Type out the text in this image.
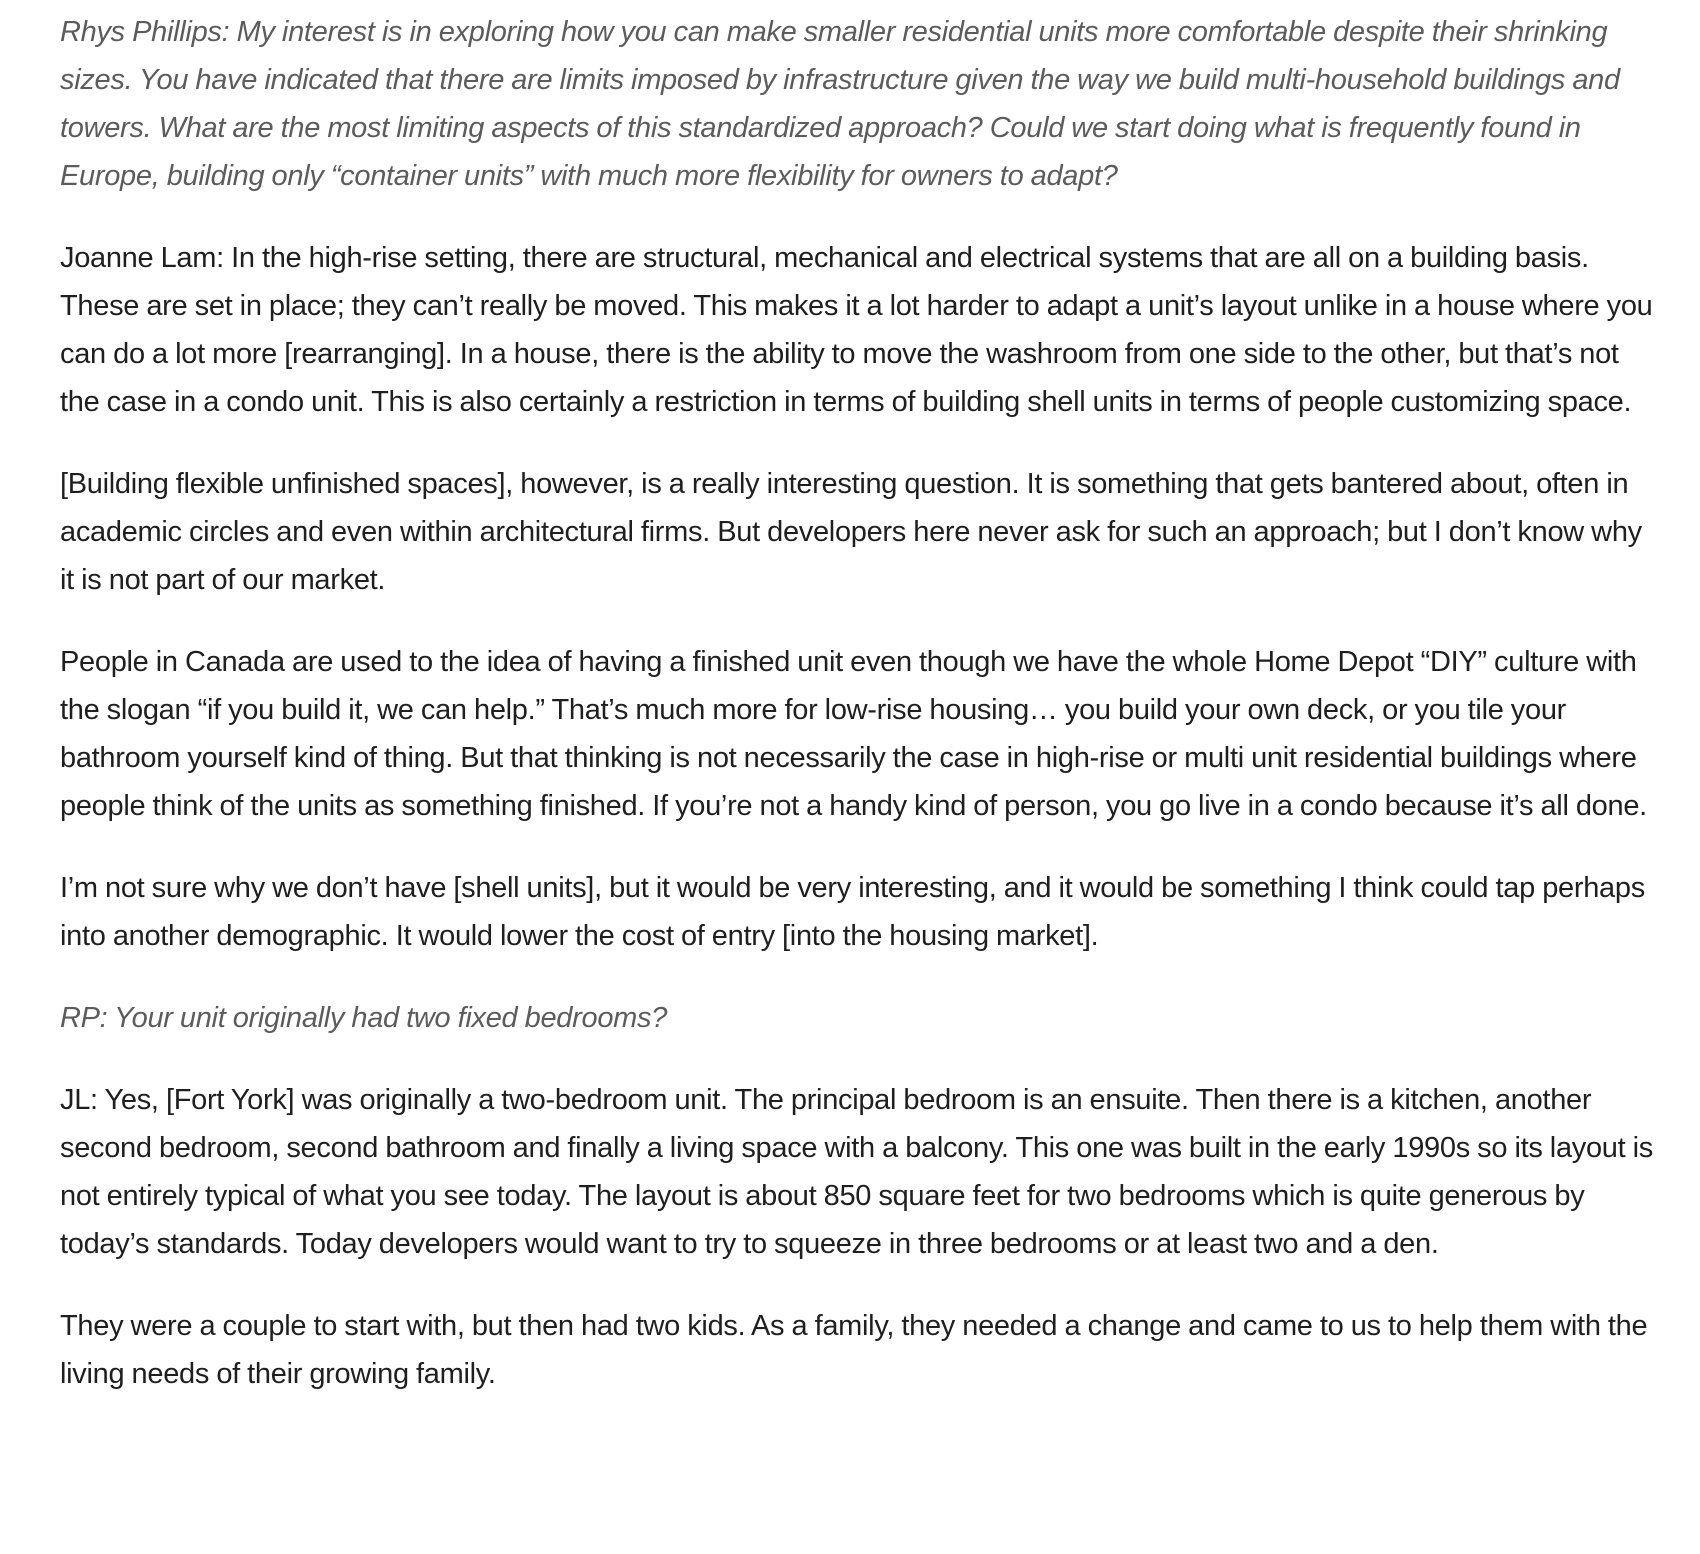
Rhys Phillips: My interest is in exploring how you can make smaller residential units more comfortable despite their shrinking sizes. You have indicated that there are limits imposed by infrastructure given the way we build multi-household buildings and towers. What are the most limiting aspects of this standardized approach? Could we start doing what is frequently found in Europe, building only “container units” with much more flexibility for owners to adapt?

Joanne Lam: In the high-rise setting, there are structural, mechanical and electrical systems that are all on a building basis. These are set in place; they can’t really be moved. This makes it a lot harder to adapt a unit’s layout unlike in a house where you can do a lot more [rearranging]. In a house, there is the ability to move the washroom from one side to the other, but that’s not the case in a condo unit. This is also certainly a restriction in terms of building shell units in terms of people customizing space.

[Building flexible unfinished spaces], however, is a really interesting question. It is something that gets bantered about, often in academic circles and even within architectural firms. But developers here never ask for such an approach; but I don’t know why it is not part of our market.

People in Canada are used to the idea of having a finished unit even though we have the whole Home Depot “DIY” culture with the slogan “if you build it, we can help.” That’s much more for low-rise housing… you build your own deck, or you tile your bathroom yourself kind of thing. But that thinking is not necessarily the case in high-rise or multi unit residential buildings where people think of the units as something finished. If you’re not a handy kind of person, you go live in a condo because it’s all done.

I’m not sure why we don’t have [shell units], but it would be very interesting, and it would be something I think could tap perhaps into another demographic. It would lower the cost of entry [into the housing market].

RP: Your unit originally had two fixed bedrooms?

JL: Yes, [Fort York] was originally a two-bedroom unit. The principal bedroom is an ensuite. Then there is a kitchen, another second bedroom, second bathroom and finally a living space with a balcony. This one was built in the early 1990s so its layout is not entirely typical of what you see today. The layout is about 850 square feet for two bedrooms which is quite generous by today’s standards. Today developers would want to try to squeeze in three bedrooms or at least two and a den.

They were a couple to start with, but then had two kids. As a family, they needed a change and came to us to help them with the living needs of their growing family.
